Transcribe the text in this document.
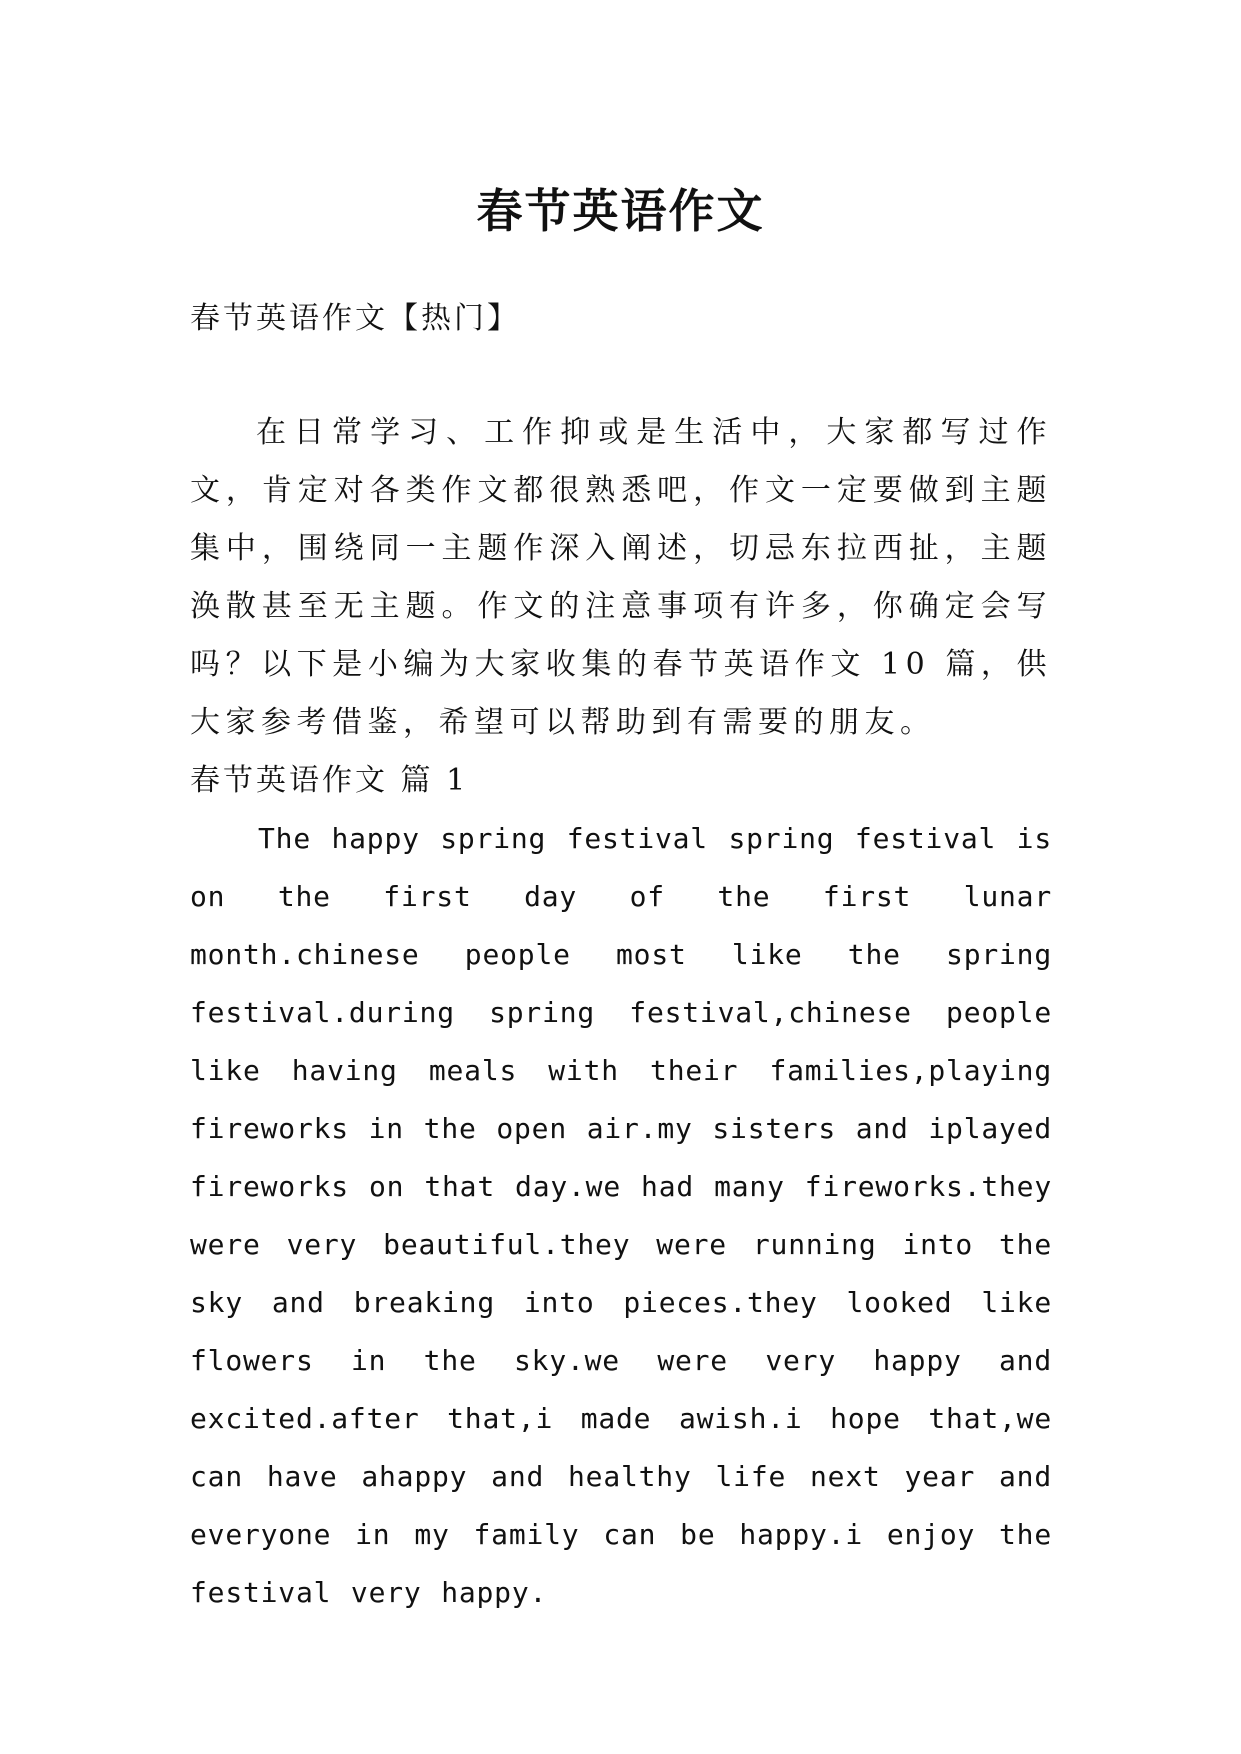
春节英语作文

春节英语作文【热门】

在日常学习、工作抑或是生活中，大家都写过作文，肯定对各类作文都很熟悉吧，作文一定要做到主题集中，围绕同一主题作深入阐述，切忌东拉西扯，主题涣散甚至无主题。作文的注意事项有许多，你确定会写吗？以下是小编为大家收集的春节英语作文 10 篇，供大家参考借鉴，希望可以帮助到有需要的朋友。

春节英语作文 篇 1

The happy spring festival spring festival is on the first day of the first lunar month.chinese people most like the spring festival.during spring festival,chinese people like having meals with their families,playing fireworks in the open air.my sisters and iplayed fireworks on that day.we had many fireworks.they were very beautiful.they were running into the sky and breaking into pieces.they looked like flowers in the sky.we were very happy and excited.after that,i made awish.i hope that,we can have ahappy and healthy life next year and everyone in my family can be happy.i enjoy the festival very happy.
